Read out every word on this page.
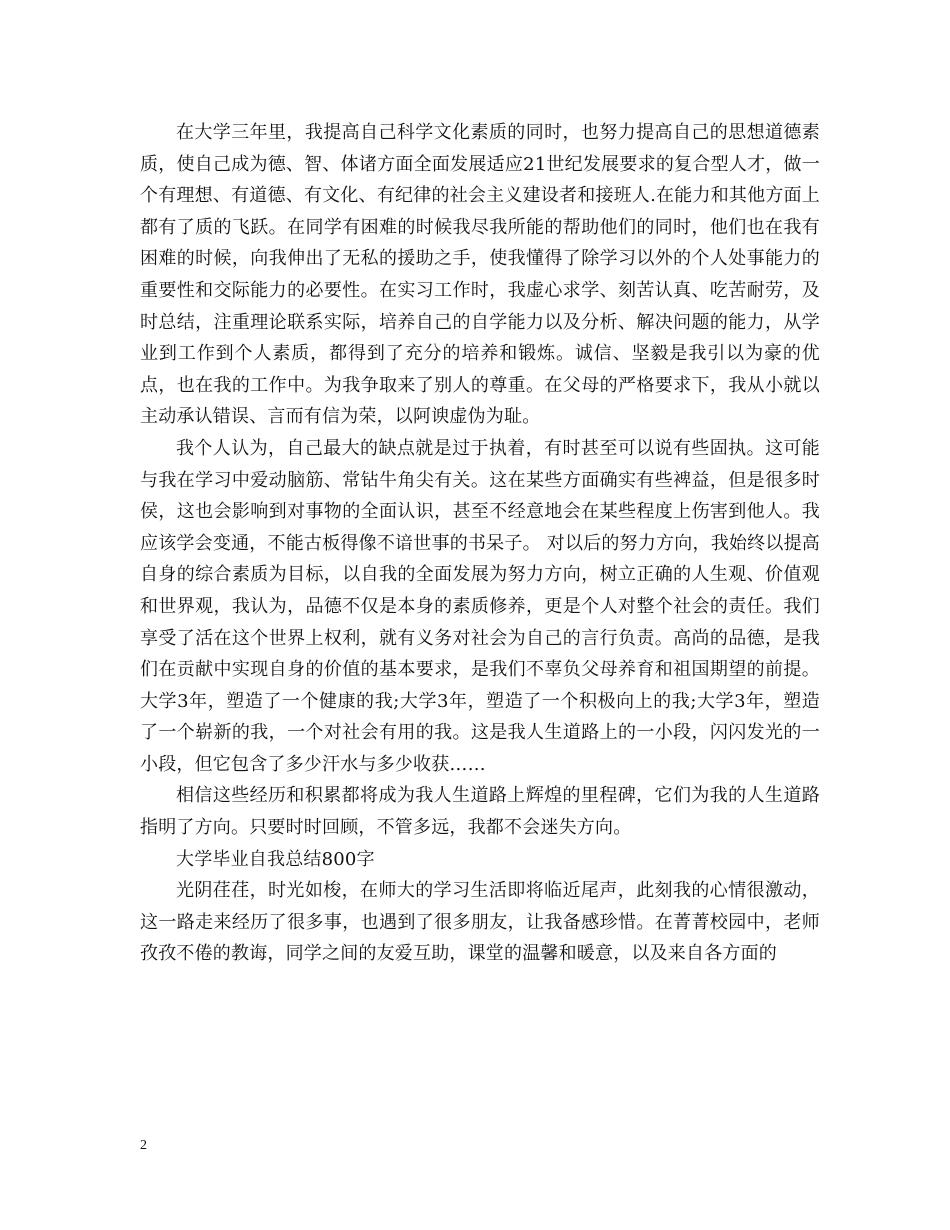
在大学三年里，我提高自己科学文化素质的同时，也努力提高自己的思想道德素质，使自己成为德、智、体诸方面全面发展适应21世纪发展要求的复合型人才，做一个有理想、有道德、有文化、有纪律的社会主义建设者和接班人.在能力和其他方面上都有了质的飞跃。在同学有困难的时候我尽我所能的帮助他们的同时，他们也在我有困难的时候，向我伸出了无私的援助之手，使我懂得了除学习以外的个人处事能力的重要性和交际能力的必要性。在实习工作时，我虚心求学、刻苦认真、吃苦耐劳，及时总结，注重理论联系实际，培养自己的自学能力以及分析、解决问题的能力，从学业到工作到个人素质，都得到了充分的培养和锻炼。诚信、坚毅是我引以为豪的优点，也在我的工作中。为我争取来了别人的尊重。在父母的严格要求下，我从小就以主动承认错误、言而有信为荣，以阿谀虚伪为耻。

我个人认为，自己最大的缺点就是过于执着，有时甚至可以说有些固执。这可能与我在学习中爱动脑筋、常钻牛角尖有关。这在某些方面确实有些裨益，但是很多时侯，这也会影响到对事物的全面认识，甚至不经意地会在某些程度上伤害到他人。我应该学会变通，不能古板得像不谙世事的书呆子。 对以后的努力方向，我始终以提高自身的综合素质为目标，以自我的全面发展为努力方向，树立正确的人生观、价值观和世界观，我认为，品德不仅是本身的素质修养，更是个人对整个社会的责任。我们享受了活在这个世界上权利，就有义务对社会为自己的言行负责。高尚的品德，是我们在贡献中实现自身的价值的基本要求，是我们不辜负父母养育和祖国期望的前提。大学3年，塑造了一个健康的我;大学3年，塑造了一个积极向上的我;大学3年，塑造了一个崭新的我，一个对社会有用的我。这是我人生道路上的一小段，闪闪发光的一小段，但它包含了多少汗水与多少收获……

相信这些经历和积累都将成为我人生道路上辉煌的里程碑，它们为我的人生道路指明了方向。只要时时回顾，不管多远，我都不会迷失方向。

大学毕业自我总结800字

光阴荏荏，时光如梭，在师大的学习生活即将临近尾声，此刻我的心情很激动，这一路走来经历了很多事，也遇到了很多朋友，让我备感珍惜。在菁菁校园中，老师孜孜不倦的教诲，同学之间的友爱互助，课堂的温馨和暖意，以及来自各方面的

2
